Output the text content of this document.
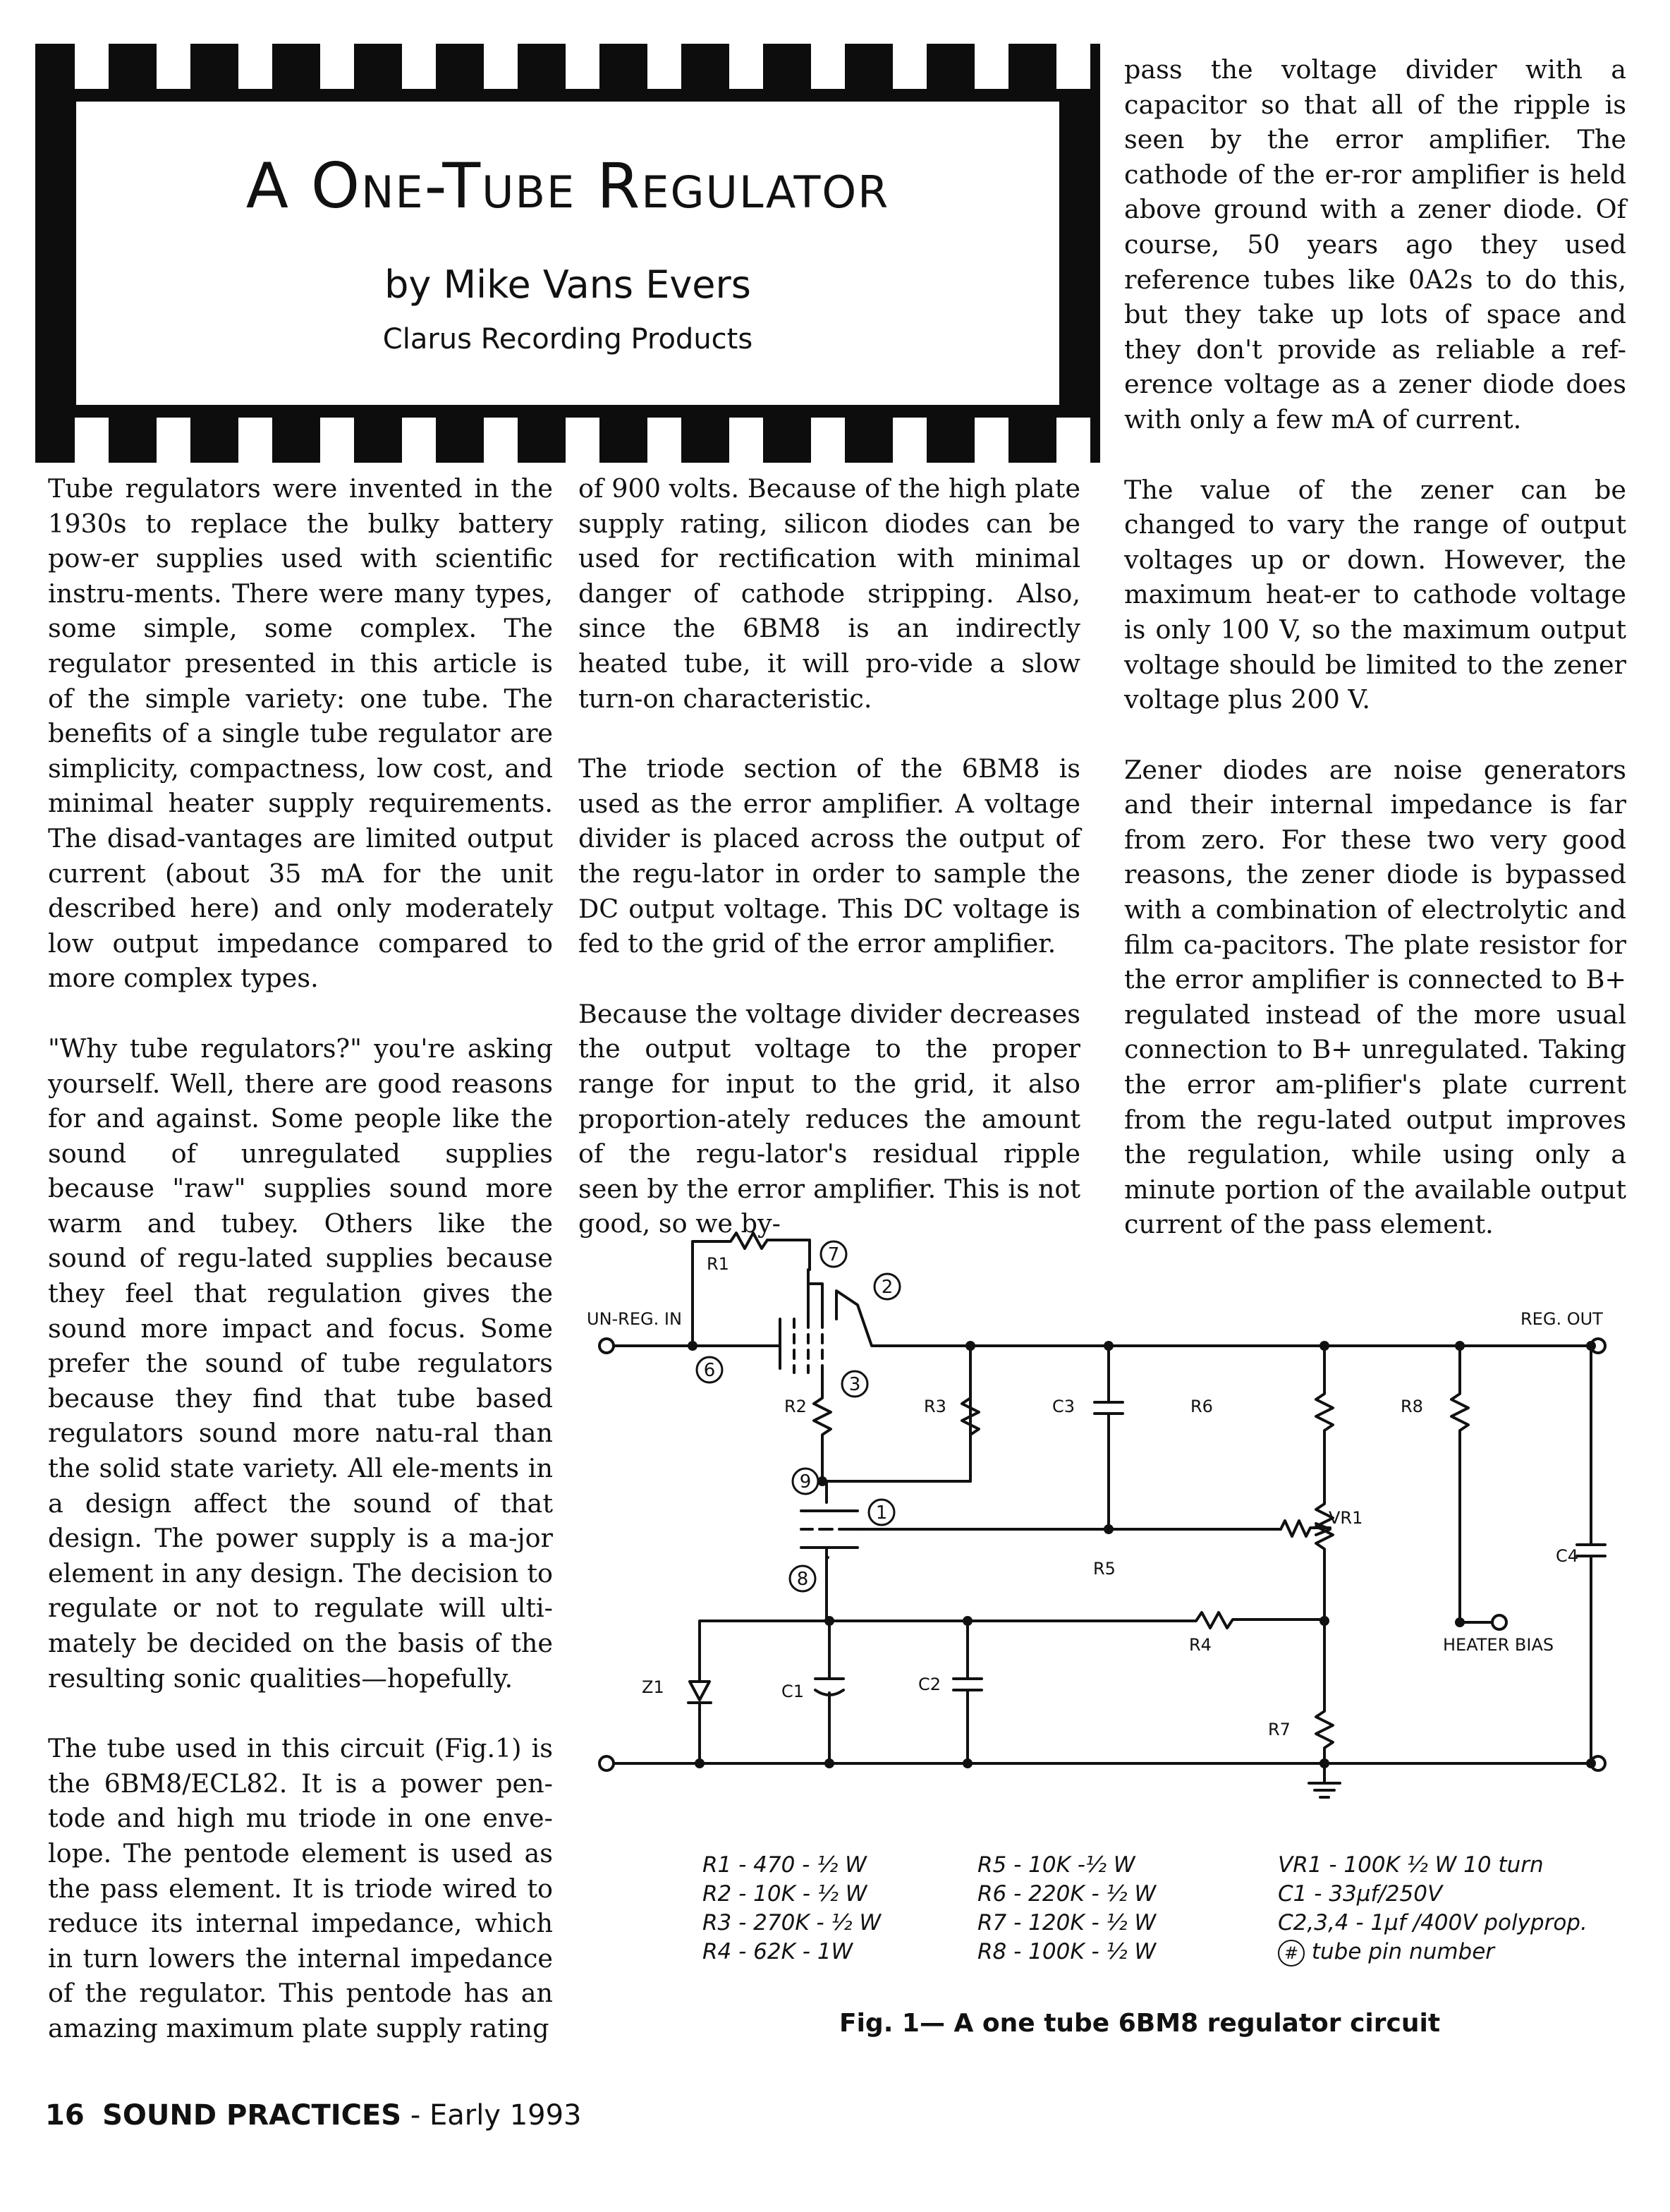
A One-Tube Regulator
by Mike Vans Evers
Clarus Recording Products

Tube regulators were invented in the 1930s to replace the bulky battery pow-er supplies used with scientific instru-ments. There were many types, some simple, some complex. The regulator presented in this article is of the simple variety: one tube. The benefits of a single tube regulator are simplicity, compactness, low cost, and minimal heater supply requirements. The disad-vantages are limited output current (about 35 mA for the unit described here) and only moderately low output impedance compared to more complex types.

"Why tube regulators?" you're asking yourself. Well, there are good reasons for and against. Some people like the sound of unregulated supplies because "raw" supplies sound more warm and tubey. Others like the sound of regu-lated supplies because they feel that regulation gives the sound more impact and focus. Some prefer the sound of tube regulators because they find that tube based regulators sound more natu-ral than the solid state variety. All ele-ments in a design affect the sound of that design. The power supply is a ma-jor element in any design. The decision to regulate or not to regulate will ulti-mately be decided on the basis of the resulting sonic qualities—hopefully.

The tube used in this circuit (Fig.1) is the 6BM8/ECL82. It is a power pen-tode and high mu triode in one enve-lope. The pentode element is used as the pass element. It is triode wired to reduce its internal impedance, which in turn lowers the internal impedance of the regulator. This pentode has an amazing maximum plate supply rating

of 900 volts. Because of the high plate supply rating, silicon diodes can be used for rectification with minimal danger of cathode stripping. Also, since the 6BM8 is an indirectly heated tube, it will pro-vide a slow turn-on characteristic.

The triode section of the 6BM8 is used as the error amplifier. A voltage divider is placed across the output of the regu-lator in order to sample the DC output voltage. This DC voltage is fed to the grid of the error amplifier.

Because the voltage divider decreases the output voltage to the proper range for input to the grid, it also proportion-ately reduces the amount of the regu-lator's residual ripple seen by the error amplifier. This is not good, so we by-

pass the voltage divider with a capacitor so that all of the ripple is seen by the error amplifier. The cathode of the er-ror amplifier is held above ground with a zener diode. Of course, 50 years ago they used reference tubes like 0A2s to do this, but they take up lots of space and they don't provide as reliable a ref-erence voltage as a zener diode does with only a few mA of current.

The value of the zener can be changed to vary the range of output voltages up or down. However, the maximum heat-er to cathode voltage is only 100 V, so the maximum output voltage should be limited to the zener voltage plus 200 V.

Zener diodes are noise generators and their internal impedance is far from zero. For these two very good reasons, the zener diode is bypassed with a combination of electrolytic and film ca-pacitors. The plate resistor for the error amplifier is connected to B+ regulated instead of the more usual connection to B+ unregulated. Taking the error am-plifier's plate current from the regu-lated output improves the regulation, while using only a minute portion of the available output current of the pass element.

7
2
6
3
9
1
8
UN-REG. IN	REG. OUT
HEATER BIAS
R1
R2	R3
R5
R4
R6
R7
VR1
R8
C3
C4
C1	C2
Z1
R1 - 470 - ½ W
R2 - 10K - ½ W
R3 - 270K - ½ W
R4 - 62K - 1W
R5 - 10K -½ W
R6 - 220K - ½ W
R7 - 120K - ½ W
R8 - 100K - ½ W
VR1 - 100K ½ W 10 turn
C1 - 33µf/250V
C2,3,4 - 1µf /400V polyprop.
# tube pin number
Fig. 1— A one tube 6BM8 regulator circuit
16 SOUND PRACTICES - Early 1993
